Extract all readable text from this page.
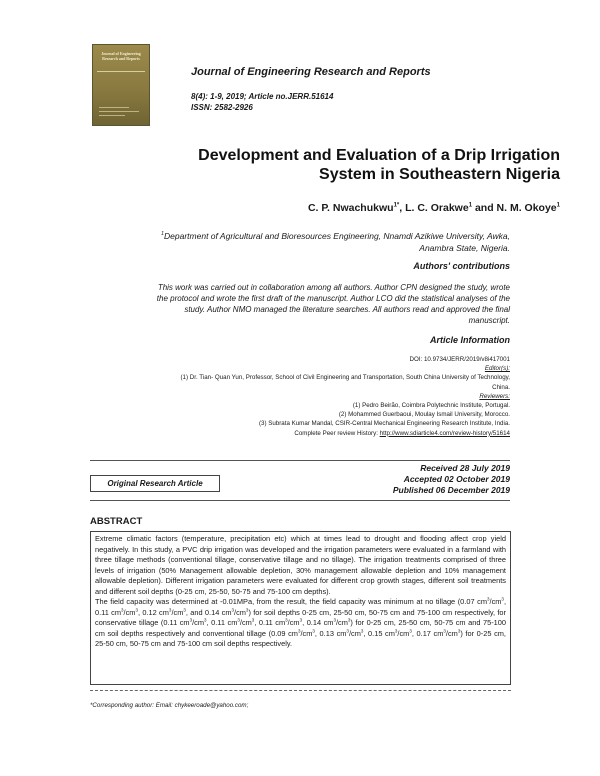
Journal of Engineering Research and Reports
Journal of Engineering Research and Reports
8(4): 1-9, 2019; Article no.JERR.51614
ISSN: 2582-2926
Development and Evaluation of a Drip Irrigation
System in Southeastern Nigeria
C. P. Nwachukwu$^{1*}$, L. C. Orakwe$^1$ and N. M. Okoye$^1$
$^1$Department of Agricultural and Bioresources Engineering, Nnamdi Azikiwe University, Awka,
Anambra State, Nigeria.
Authors' contributions
This work was carried out in collaboration among all authors. Author CPN designed the study, wrote
the protocol and wrote the first draft of the manuscript. Author LCO did the statistical analyses of the
study. Author NMO managed the literature searches. All authors read and approved the final
manuscript.
Article Information
DOI: 10.9734/JERR/2019/v8i417001
Editor(s):
(1) Dr. Tian- Quan Yun, Professor, School of Civil Engineering and Transportation, South China University of Technology,
China.
Reviewers:
(1) Pedro Beirão, Coimbra Polytechnic Institute, Portugal.
(2) Mohammed Guerbaoui, Moulay Ismail University, Morocco.
(3) Subrata Kumar Mandal, CSIR-Central Mechanical Engineering Research Institute, India.
Complete Peer review History: http://www.sdiarticle4.com/review-history/51614
Received 28 July 2019
Accepted 02 October 2019
Published 06 December 2019
Original Research Article
ABSTRACT

Extreme climatic factors (temperature, precipitation etc) which at times lead to drought and flooding affect crop yield negatively. In this study, a PVC drip irrigation was developed and the irrigation parameters were evaluated in a farmland with three tillage methods (conventional tillage, conservative tillage and no tillage). The irrigation treatments comprised of three levels of irrigation (50% Management allowable depletion, 30% management allowable depletion and 10% management allowable depletion). Different irrigation parameters were evaluated for different crop growth stages, different soil treatments and different soil depths (0-25 cm, 25-50, 50-75 and 75-100 cm depths).

The field capacity was determined at -0.01MPa, from the result, the field capacity was minimum at no tillage (0.07 $cm^3/cm^3$, 0.11 $cm^3/cm^3$, 0.12 $cm^3/cm^3$, and 0.14 $cm^3/cm^3$) for soil depths 0-25 cm, 25-50 cm, 50-75 cm and 75-100 cm respectively, for conservative tillage (0.11 $cm^3/cm^3$, 0.11 $cm^3/cm^3$, 0.11 $cm^3/cm^3$, 0.14 $cm^3/cm^3$) for 0-25 cm, 25-50 cm, 50-75 cm and 75-100 cm soil depths respectively and conventional tillage (0.09 $cm^3/cm^3$, 0.13 $cm^3/cm^3$, 0.15 $cm^3/cm^3$, 0.17 $cm^3/cm^3$) for 0-25 cm, 25-50 cm, 50-75 cm and 75-100 cm soil depths respectively.

*Corresponding author: Email: chykeeroade@yahoo.com;
